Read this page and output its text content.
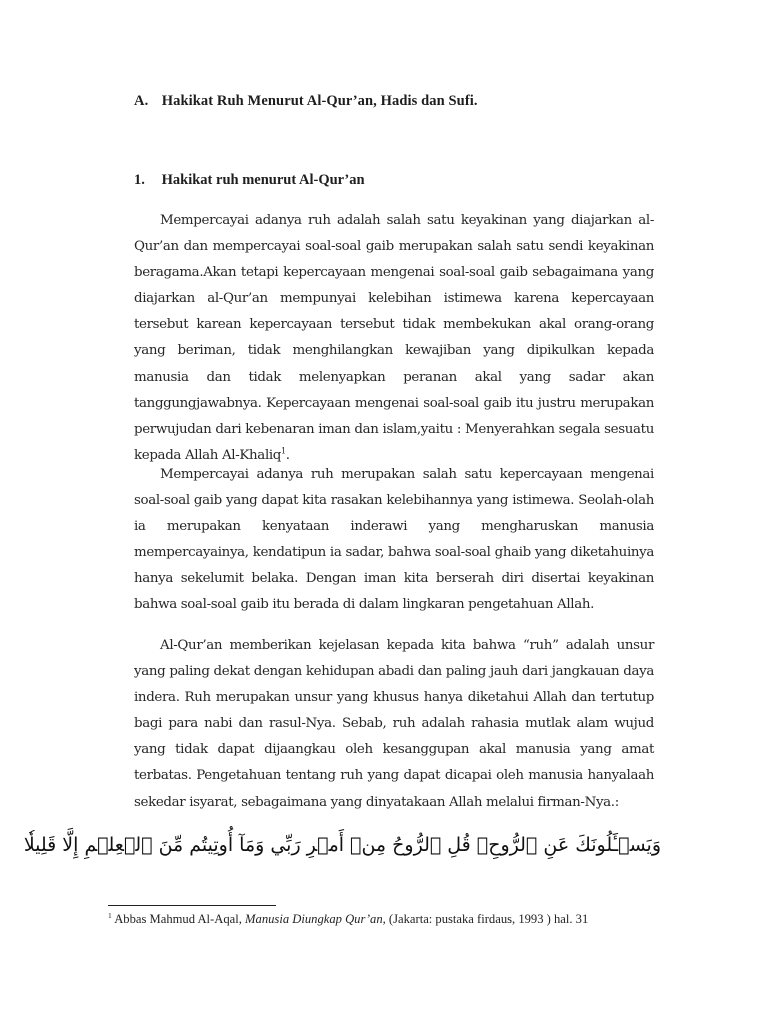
A. Hakikat Ruh Menurut Al-Qur’an, Hadis dan Sufi.
1. Hakikat ruh menurut Al-Qur’an
Mempercayai adanya ruh adalah salah satu keyakinan yang diajarkan al-Qur’an dan mempercayai soal-soal gaib merupakan salah satu sendi keyakinan beragama.Akan tetapi kepercayaan mengenai soal-soal gaib sebagaimana yang diajarkan al-Qur’an mempunyai kelebihan istimewa karena kepercayaan tersebut karean kepercayaan tersebut tidak membekukan akal orang-orang yang beriman, tidak menghilangkan kewajiban yang dipikulkan kepada manusia dan tidak melenyapkan peranan akal yang sadar akan tanggungjawabnya. Kepercayaan mengenai soal-soal gaib itu justru merupakan perwujudan dari kebenaran iman dan islam,yaitu : Menyerahkan segala sesuatu kepada Allah Al-Khaliq$^1$.
Mempercayai adanya ruh merupakan salah satu kepercayaan mengenai soal-soal gaib yang dapat kita rasakan kelebihannya yang istimewa. Seolah-olah ia merupakan kenyataan inderawi yang mengharuskan manusia mempercayainya, kendatipun ia sadar, bahwa soal-soal ghaib yang diketahuinya hanya sekelumit belaka. Dengan iman kita berserah diri disertai keyakinan bahwa soal-soal gaib itu berada di dalam lingkaran pengetahuan Allah.
Al-Qur’an memberikan kejelasan kepada kita bahwa “ruh” adalah unsur yang paling dekat dengan kehidupan abadi dan paling jauh dari jangkauan daya indera. Ruh merupakan unsur yang khusus hanya diketahui Allah dan tertutup bagi para nabi dan rasul-Nya. Sebab, ruh adalah rahasia mutlak alam wujud yang tidak dapat dijaangkau oleh kesanggupan akal manusia yang amat terbatas. Pengetahuan tentang ruh yang dapat dicapai oleh manusia hanyalaah sekedar isyarat, sebagaimana yang dinyatakaan Allah melalui firman-Nya.:
وَيَسۡـَٔلُونَكَ عَنِ ٱلرُّوحِۖ قُلِ ٱلرُّوحُ مِنۡ أَمۡرِ رَبِّي وَمَآ أُوتِيتُم مِّنَ ٱلۡعِلۡمِ إِلَّا قَلِيلٗا
$^1$ Abbas Mahmud Al-Aqal, Manusia Diungkap Qur’an, (Jakarta: pustaka firdaus, 1993 ) hal. 31
